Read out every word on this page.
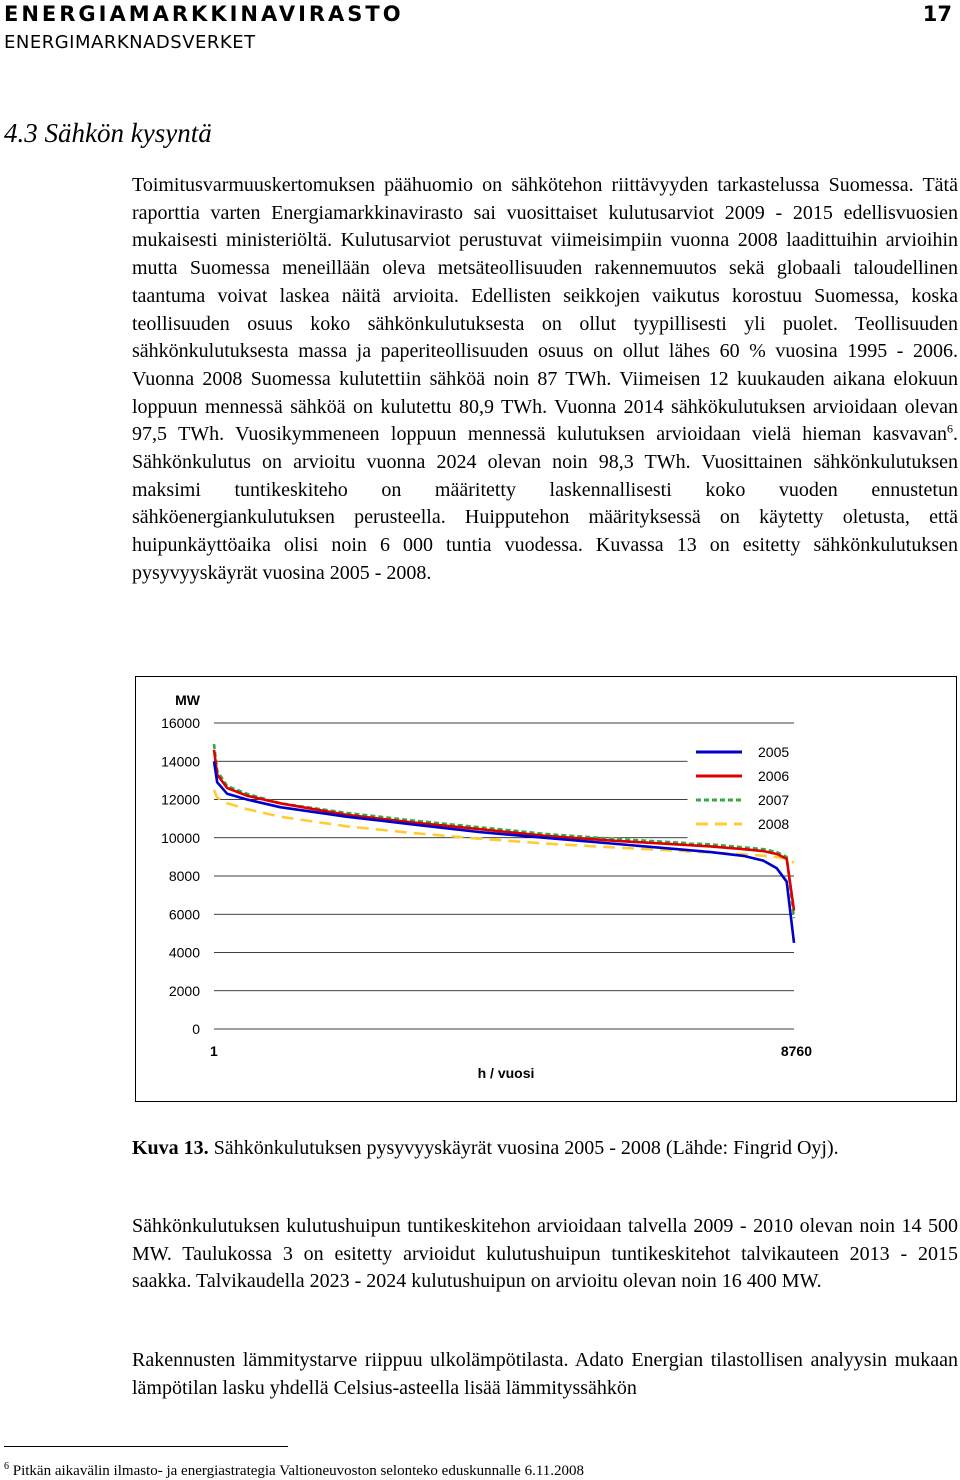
ENERGIAMARKKINAVIRASTO
ENERGIMARKNADSVERKET
17
4.3 Sähkön kysyntä
Toimitusvarmuuskertomuksen päähuomio on sähkötehon riittävyyden tarkastelussa Suomessa. Tätä raporttia varten Energiamarkkinavirasto sai vuosittaiset kulutusarviot 2009 - 2015 edellisvuosien mukaisesti ministeriöltä. Kulutusarviot perustuvat viimeisimpiin vuonna 2008 laadittuihin arvioihin mutta Suomessa meneillään oleva metsäteollisuuden rakennemuutos sekä globaali taloudellinen taantuma voivat laskea näitä arvioita. Edellisten seikkojen vaikutus korostuu Suomessa, koska teollisuuden osuus koko sähkönkulutuksesta on ollut tyypillisesti yli puolet. Teollisuuden sähkönkulutuksesta massa ja paperiteollisuuden osuus on ollut lähes 60 % vuosina 1995 - 2006. Vuonna 2008 Suomessa kulutettiin sähköä noin 87 TWh. Viimeisen 12 kuukauden aikana elokuun loppuun mennessä sähköä on kulutettu 80,9 TWh. Vuonna 2014 sähkökulutuksen arvioidaan olevan 97,5 TWh. Vuosikymmeneen loppuun mennessä kulutuksen arvioidaan vielä hieman kasvavan$^6$. Sähkönkulutus on arvioitu vuonna 2024 olevan noin 98,3 TWh. Vuosittainen sähkönkulutuksen maksimi tuntikeskiteho on määritetty laskennallisesti koko vuoden ennustetun sähköenergiankulutuksen perusteella. Huipputehon määrityksessä on käytetty oletusta, että huipunkäyttöaika olisi noin 6 000 tuntia vuodessa. Kuvassa 13 on esitetty sähkönkulutuksen pysyvyyskäyrät vuosina 2005 - 2008.
16000
14000
12000
10000
8000
6000
4000
2000
0
MW
1	8760
h / vuosi
2005
2006
2007
2008
Kuva 13. Sähkönkulutuksen pysyvyyskäyrät vuosina 2005 - 2008 (Lähde: Fingrid Oyj).
Sähkönkulutuksen kulutushuipun tuntikeskitehon arvioidaan talvella 2009 - 2010 olevan noin 14 500 MW. Taulukossa 3 on esitetty arvioidut kulutushuipun tuntikeskitehot talvikauteen 2013 - 2015 saakka. Talvikaudella 2023 - 2024 kulutushuipun on arvioitu olevan noin 16 400 MW.
Rakennusten lämmitystarve riippuu ulkolämpötilasta. Adato Energian tilastollisen analyysin mukaan lämpötilan lasku yhdellä Celsius-asteella lisää lämmityssähkön
$^6$ Pitkän aikavälin ilmasto- ja energiastrategia Valtioneuvoston selonteko eduskunnalle 6.11.2008
